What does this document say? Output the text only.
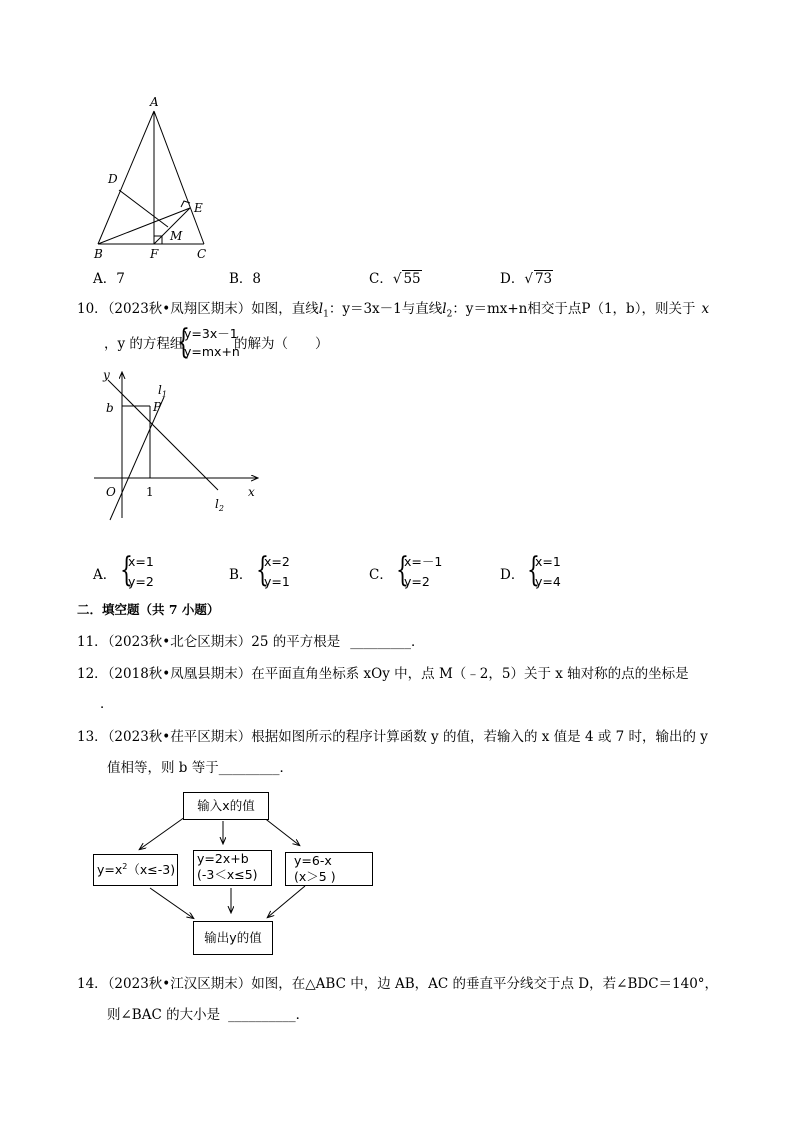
A
D
E
M
B	F	C
A．7	B．8	C．√ 55	D．√ 73
10．（2023秋•凤翔区期末）如图，直线$l_1$：y＝3x－1与直线$l_2$：y＝mx+n相交于点P（1，b），则关于 x
，y 的方程组
{
y=3x－1
y=mx+n
的解为（　　）
y
$l_1$
b	P
O	1	x
$l_2$
A． {
x=1
y=2	B． {
x=2
y=1	C． {
x=－1
y=2	D． {
x=1
y=4
二．填空题（共 7 小题）
11．（2023秋•北仑区期末）25 的平方根是 _________．
12．（2018秋•凤凰县期末）在平面直角坐标系 xOy 中，点 M（﹣2，5）关于 x 轴对称的点的坐标是
．
13．（2023秋•茌平区期末）根据如图所示的程序计算函数 y 的值，若输入的 x 值是 4 或 7 时，输出的 y
值相等，则 b 等于_________．
输入x的值
$y=x^2(x\le-3)$
y=2x+b
(-3＜x≤5)
y=6-x
(x＞5 )
输出y的值
14．（2023秋•江汉区期末）如图，在△ABC 中，边 AB，AC 的垂直平分线交于点 D，若∠BDC＝140°，
则∠BAC 的大小是 __________．
